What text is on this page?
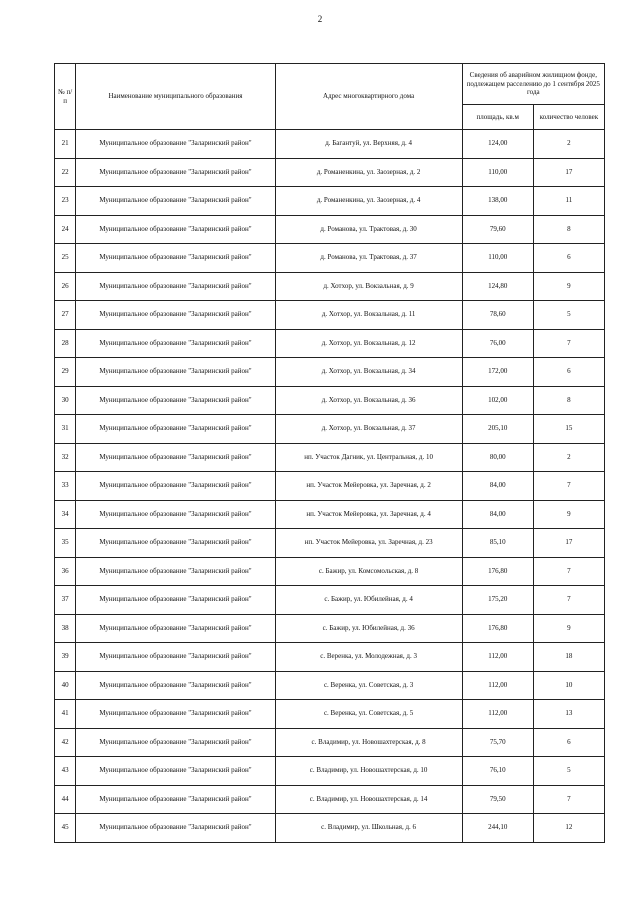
2
№ п/п	Наименование муниципального образования	Адрес многоквартирного дома	Сведения об аварийном жилищном фонде, подлежащем расселению до 1 сентября 2025 года	
			площадь, кв.м	количество человек
21	Муниципальное образование "Заларинский район"	д. Багантуй, ул. Верхняя, д. 4	124,00	2
22	Муниципальное образование "Заларинский район"	д. Романенкина, ул. Заозерная, д. 2	110,00	17
23	Муниципальное образование "Заларинский район"	д. Романенкина, ул. Заозерная, д. 4	138,00	11
24	Муниципальное образование "Заларинский район"	д. Романова, ул. Трактовая, д. 30	79,60	8
25	Муниципальное образование "Заларинский район"	д. Романова, ул. Трактовая, д. 37	110,00	6
26	Муниципальное образование "Заларинский район"	д. Хотхор, ул. Вокзальная, д. 9	124,80	9
27	Муниципальное образование "Заларинский район"	д. Хотхор, ул. Вокзальная, д. 11	78,60	5
28	Муниципальное образование "Заларинский район"	д. Хотхор, ул. Вокзальная, д. 12	76,00	7
29	Муниципальное образование "Заларинский район"	д. Хотхор, ул. Вокзальная, д. 34	172,00	6
30	Муниципальное образование "Заларинский район"	д. Хотхор, ул. Вокзальная, д. 36	102,00	8
31	Муниципальное образование "Заларинский район"	д. Хотхор, ул. Вокзальная, д. 37	205,10	15
32	Муниципальное образование "Заларинский район"	нп. Участок Дагник, ул. Центральная, д. 10	80,00	2
33	Муниципальное образование "Заларинский район"	нп. Участок Мейеровка, ул. Заречная, д. 2	84,00	7
34	Муниципальное образование "Заларинский район"	нп. Участок Мейеровка, ул. Заречная, д. 4	84,00	9
35	Муниципальное образование "Заларинский район"	нп. Участок Мейеровка, ул. Заречная, д. 23	85,10	17
36	Муниципальное образование "Заларинский район"	с. Бажир, ул. Комсомольская, д. 8	176,80	7
37	Муниципальное образование "Заларинский район"	с. Бажир, ул. Юбилейная, д. 4	175,20	7
38	Муниципальное образование "Заларинский район"	с. Бажир, ул. Юбилейная, д. 36	176,80	9
39	Муниципальное образование "Заларинский район"	с. Веренка, ул. Молодежная, д. 3	112,00	18
40	Муниципальное образование "Заларинский район"	с. Веренка, ул. Советская, д. 3	112,00	10
41	Муниципальное образование "Заларинский район"	с. Веренка, ул. Советская, д. 5	112,00	13
42	Муниципальное образование "Заларинский район"	с. Владимир, ул. Новошахтерская, д. 8	75,70	6
43	Муниципальное образование "Заларинский район"	с. Владимир, ул. Новошахтерская, д. 10	76,10	5
44	Муниципальное образование "Заларинский район"	с. Владимир, ул. Новошахтерская, д. 14	79,50	7
45	Муниципальное образование "Заларинский район"	с. Владимир, ул. Школьная, д. 6	244,10	12
